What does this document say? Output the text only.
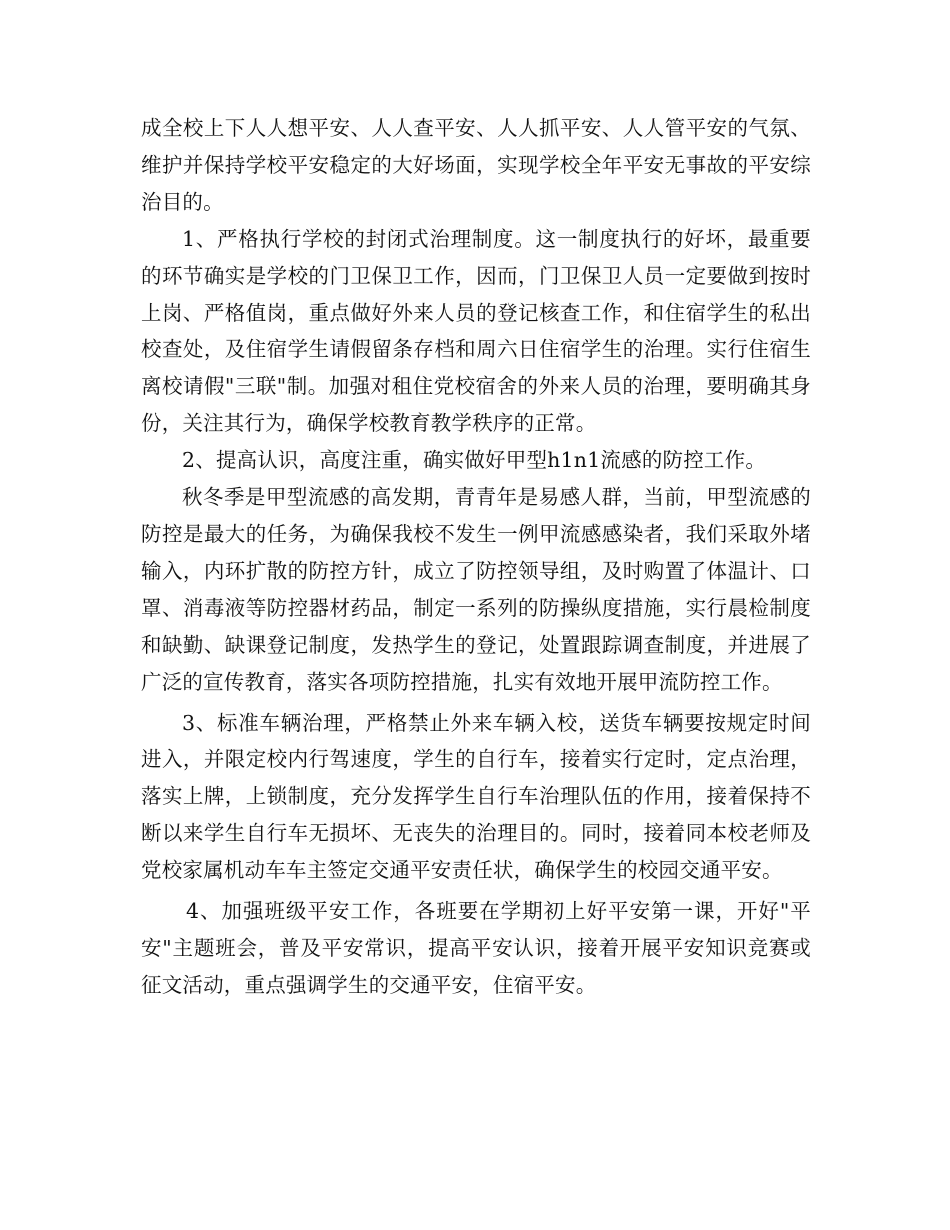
成全校上下人人想平安、人人查平安、人人抓平安、人人管平安的气氛、维护并保持学校平安稳定的大好场面，实现学校全年平安无事故的平安综治目的。

1、严格执行学校的封闭式治理制度。这一制度执行的好坏，最重要的环节确实是学校的门卫保卫工作，因而，门卫保卫人员一定要做到按时上岗、严格值岗，重点做好外来人员的登记核查工作，和住宿学生的私出校查处，及住宿学生请假留条存档和周六日住宿学生的治理。实行住宿生离校请假"三联"制。加强对租住党校宿舍的外来人员的治理，要明确其身份，关注其行为，确保学校教育教学秩序的正常。

2、提高认识，高度注重，确实做好甲型h1n1流感的防控工作。

秋冬季是甲型流感的高发期，青青年是易感人群，当前，甲型流感的防控是最大的任务，为确保我校不发生一例甲流感感染者，我们采取外堵输入，内环扩散的防控方针，成立了防控领导组，及时购置了体温计、口罩、消毒液等防控器材药品，制定一系列的防操纵度措施，实行晨检制度和缺勤、缺课登记制度，发热学生的登记，处置跟踪调查制度，并进展了广泛的宣传教育，落实各项防控措施，扎实有效地开展甲流防控工作。

3、标准车辆治理，严格禁止外来车辆入校，送货车辆要按规定时间进入，并限定校内行驾速度，学生的自行车，接着实行定时，定点治理，落实上牌，上锁制度，充分发挥学生自行车治理队伍的作用，接着保持不断以来学生自行车无损坏、无丧失的治理目的。同时，接着同本校老师及党校家属机动车车主签定交通平安责任状，确保学生的校园交通平安。

4、加强班级平安工作，各班要在学期初上好平安第一课，开好"平安"主题班会，普及平安常识，提高平安认识，接着开展平安知识竞赛或征文活动，重点强调学生的交通平安，住宿平安。
